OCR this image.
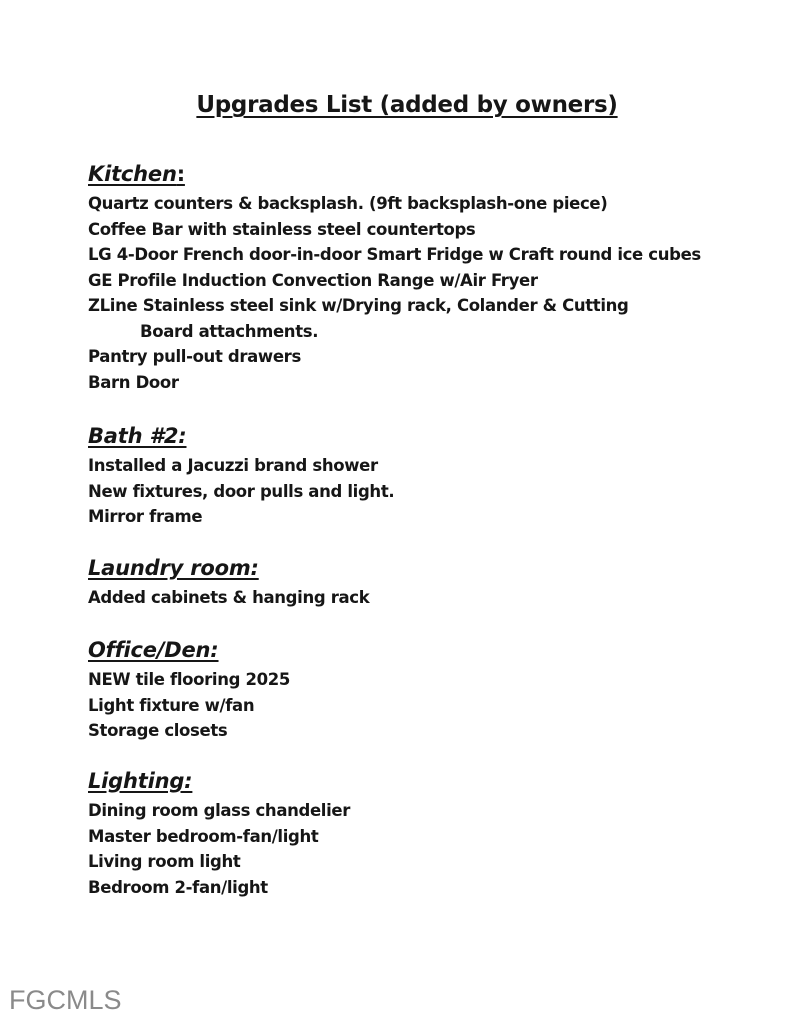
Upgrades List (added by owners)
Kitchen:
Quartz counters & backsplash. (9ft backsplash-one piece)
Coffee Bar with stainless steel countertops
LG 4-Door French door-in-door Smart Fridge w Craft round ice cubes
GE Profile Induction Convection Range w/Air Fryer
ZLine Stainless steel sink w/Drying rack, Colander & Cutting
Board attachments.
Pantry pull-out drawers
Barn Door
Bath #2:
Installed a Jacuzzi brand shower
New fixtures, door pulls and light.
Mirror frame
Laundry room:
Added cabinets & hanging rack
Office/Den:
NEW tile flooring 2025
Light fixture w/fan
Storage closets
Lighting:
Dining room glass chandelier
Master bedroom-fan/light
Living room light
Bedroom 2-fan/light
FGCMLS
